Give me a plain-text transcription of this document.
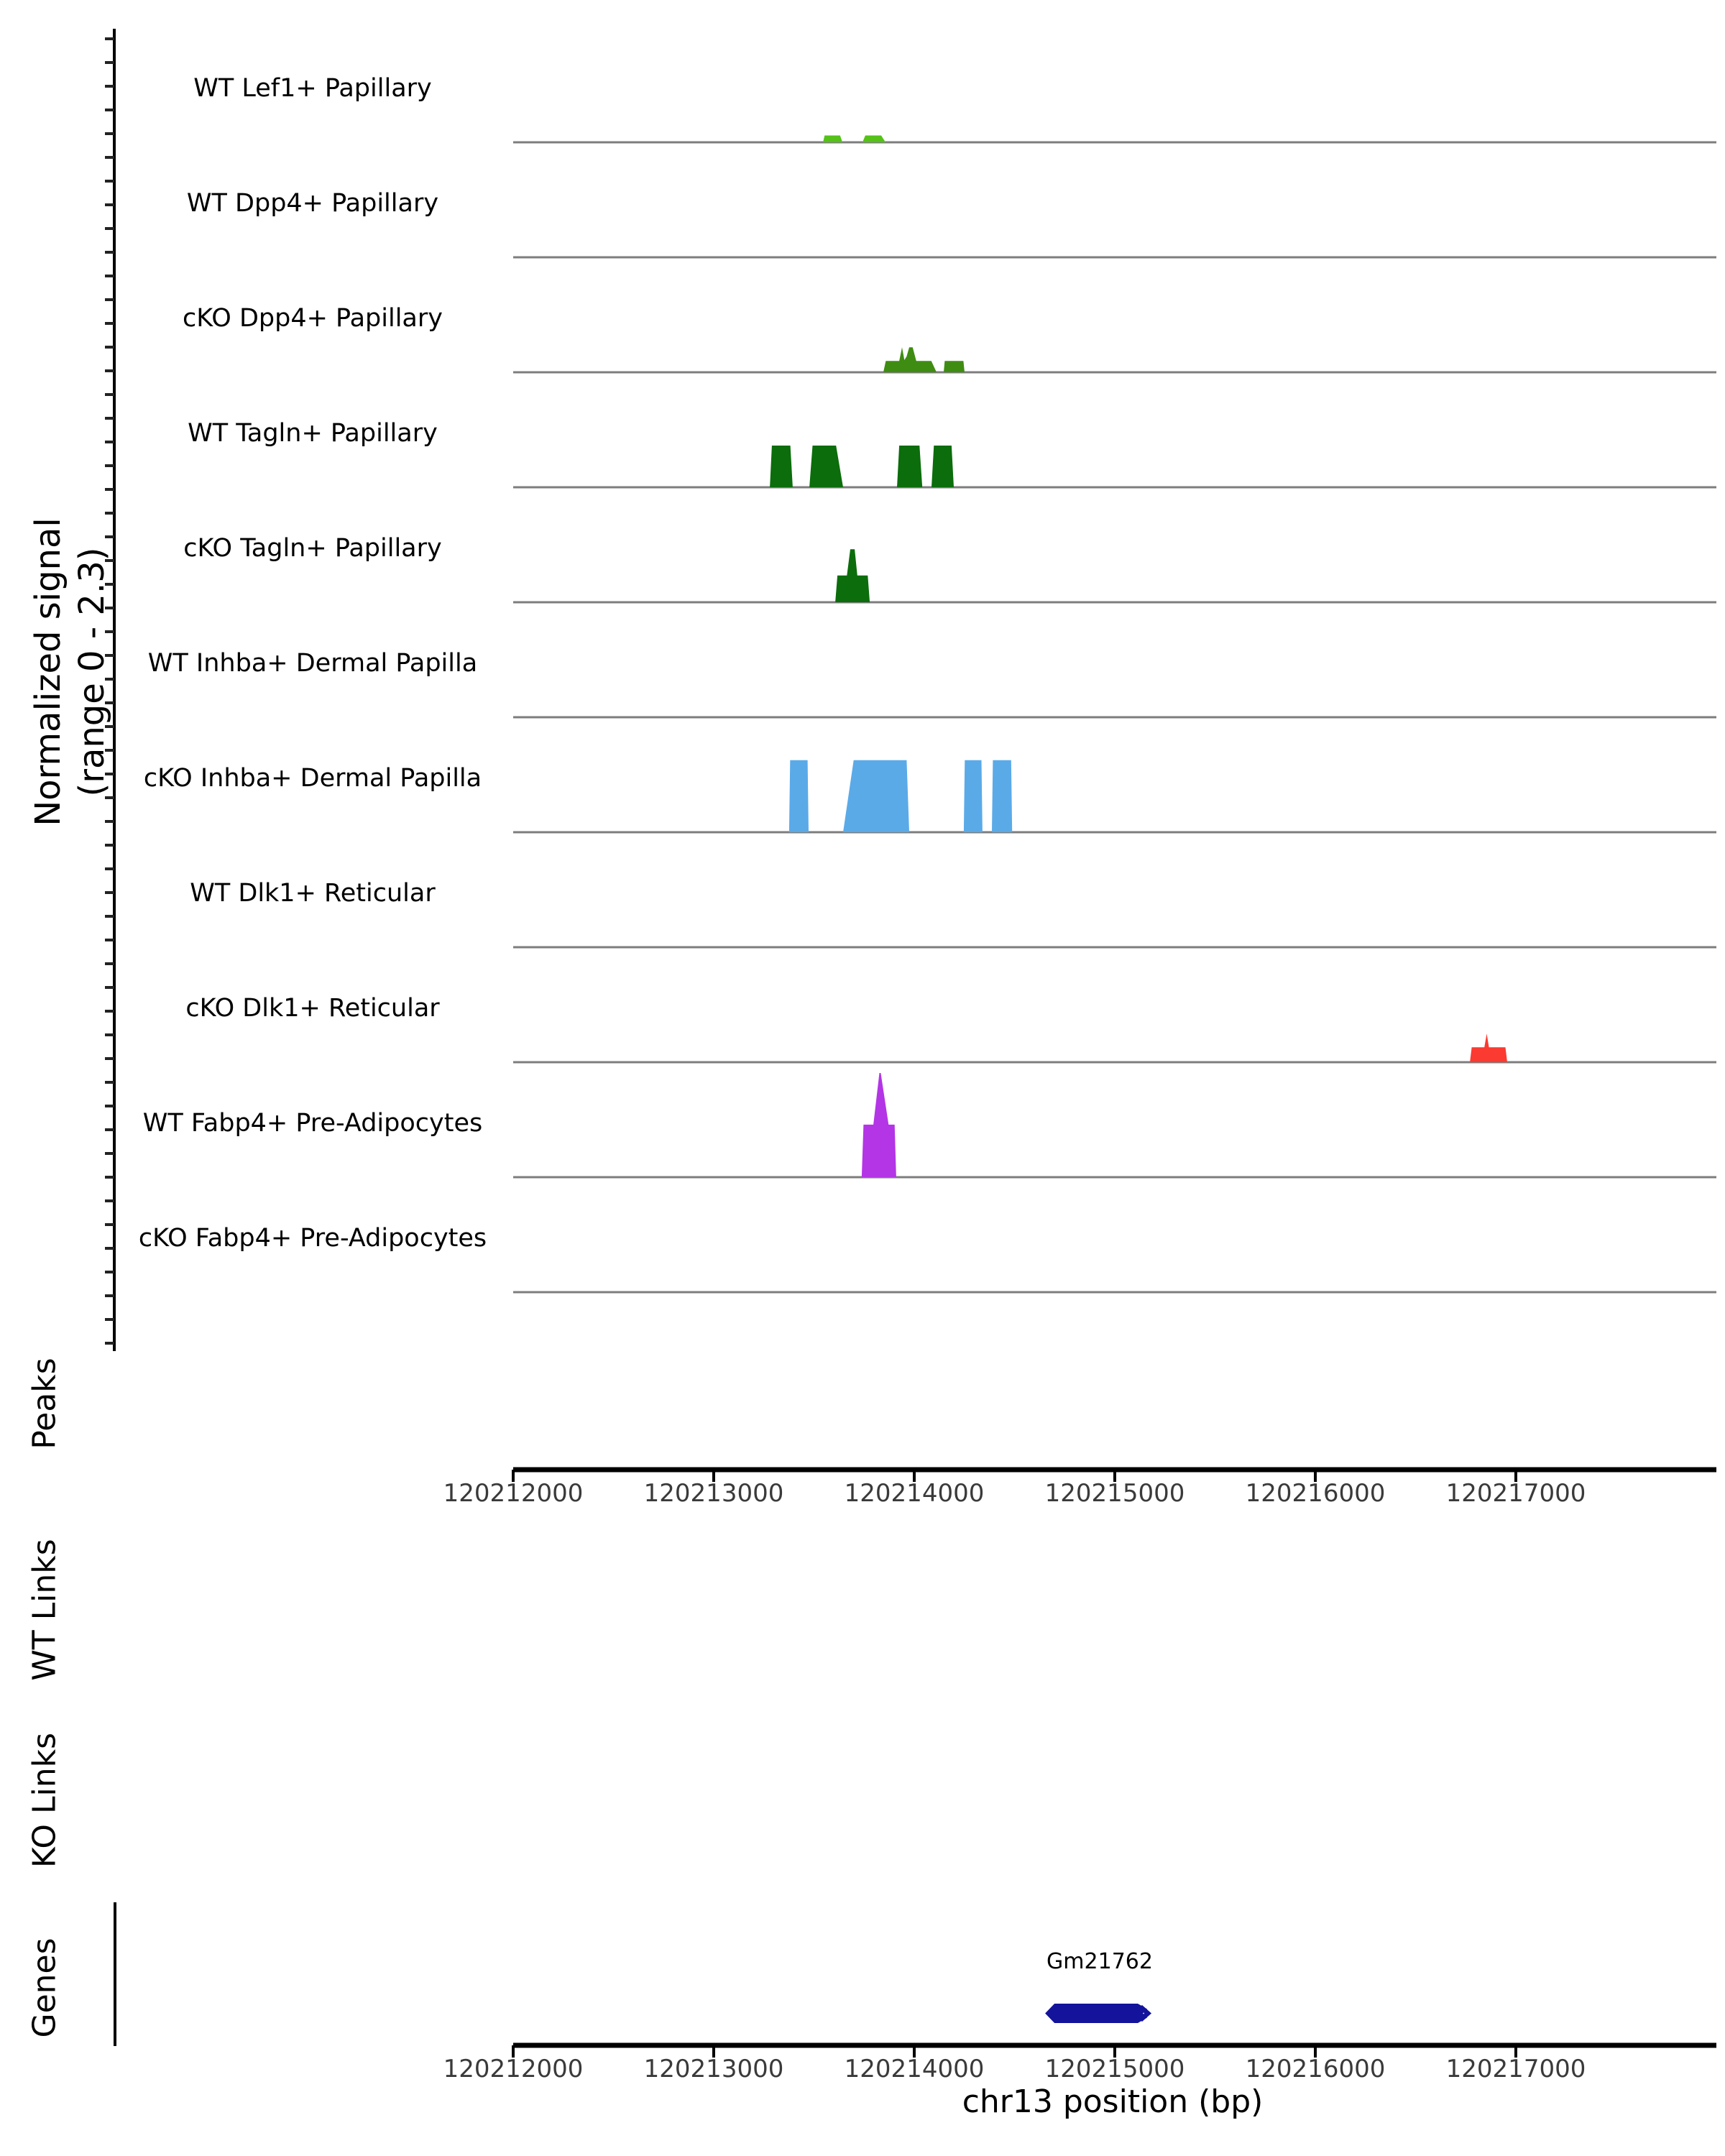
WT Lef1+ Papillary
WT Dpp4+ Papillary
cKO Dpp4+ Papillary
WT Tagln+ Papillary
cKO Tagln+ Papillary
WT Inhba+ Dermal Papilla
cKO Inhba+ Dermal Papilla
WT Dlk1+ Reticular
cKO Dlk1+ Reticular
WT Fabp4+ Pre-Adipocytes
cKO Fabp4+ Pre-Adipocytes
Normalized signal (range 0 - 2.3)
Peaks
WT Links
KO Links
Genes
120212000	120213000	120214000	120215000	120216000	120217000
120212000	120213000	120214000	120215000	120216000	120217000
chr13 position (bp)
Gm21762
